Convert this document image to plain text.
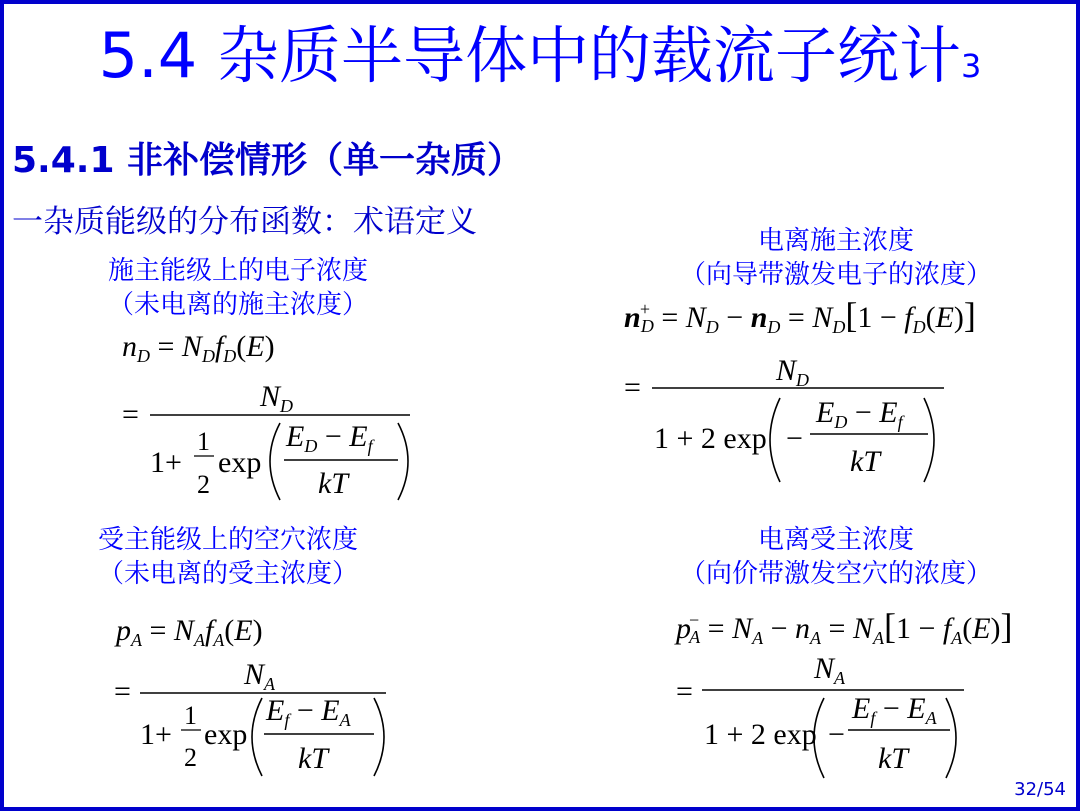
5.4 杂质半导体中的载流子统计3
5.4.1 非补偿情形（单一杂质）
一杂质能级的分布函数：术语定义
施主能级上的电子浓度
（未电离的施主浓度）
电离施主浓度
（向导带激发电子的浓度）
受主能级上的空穴浓度
（未电离的受主浓度）
电离受主浓度
（向价带激发空穴的浓度）
$n_D = N_Df_D(E)$
=
$N_D$
1+
1
2
exp
$E_D - E_f$
kT
$n+ D = N_D - n_D = N_D[1 - f_D(E)]$
=
$N_D$
1 + 2 exp −
$E_D - E_f$
kT
$p_A = N_Af_A(E)$
=
$N_A$
1+
1
2
exp
$E_f - E_A$
kT
$p- A = N_A - n_A = N_A[1 - f_A(E)]$
=
$N_A$
1 + 2 exp −
$E_f - E_A$
kT
32/54
